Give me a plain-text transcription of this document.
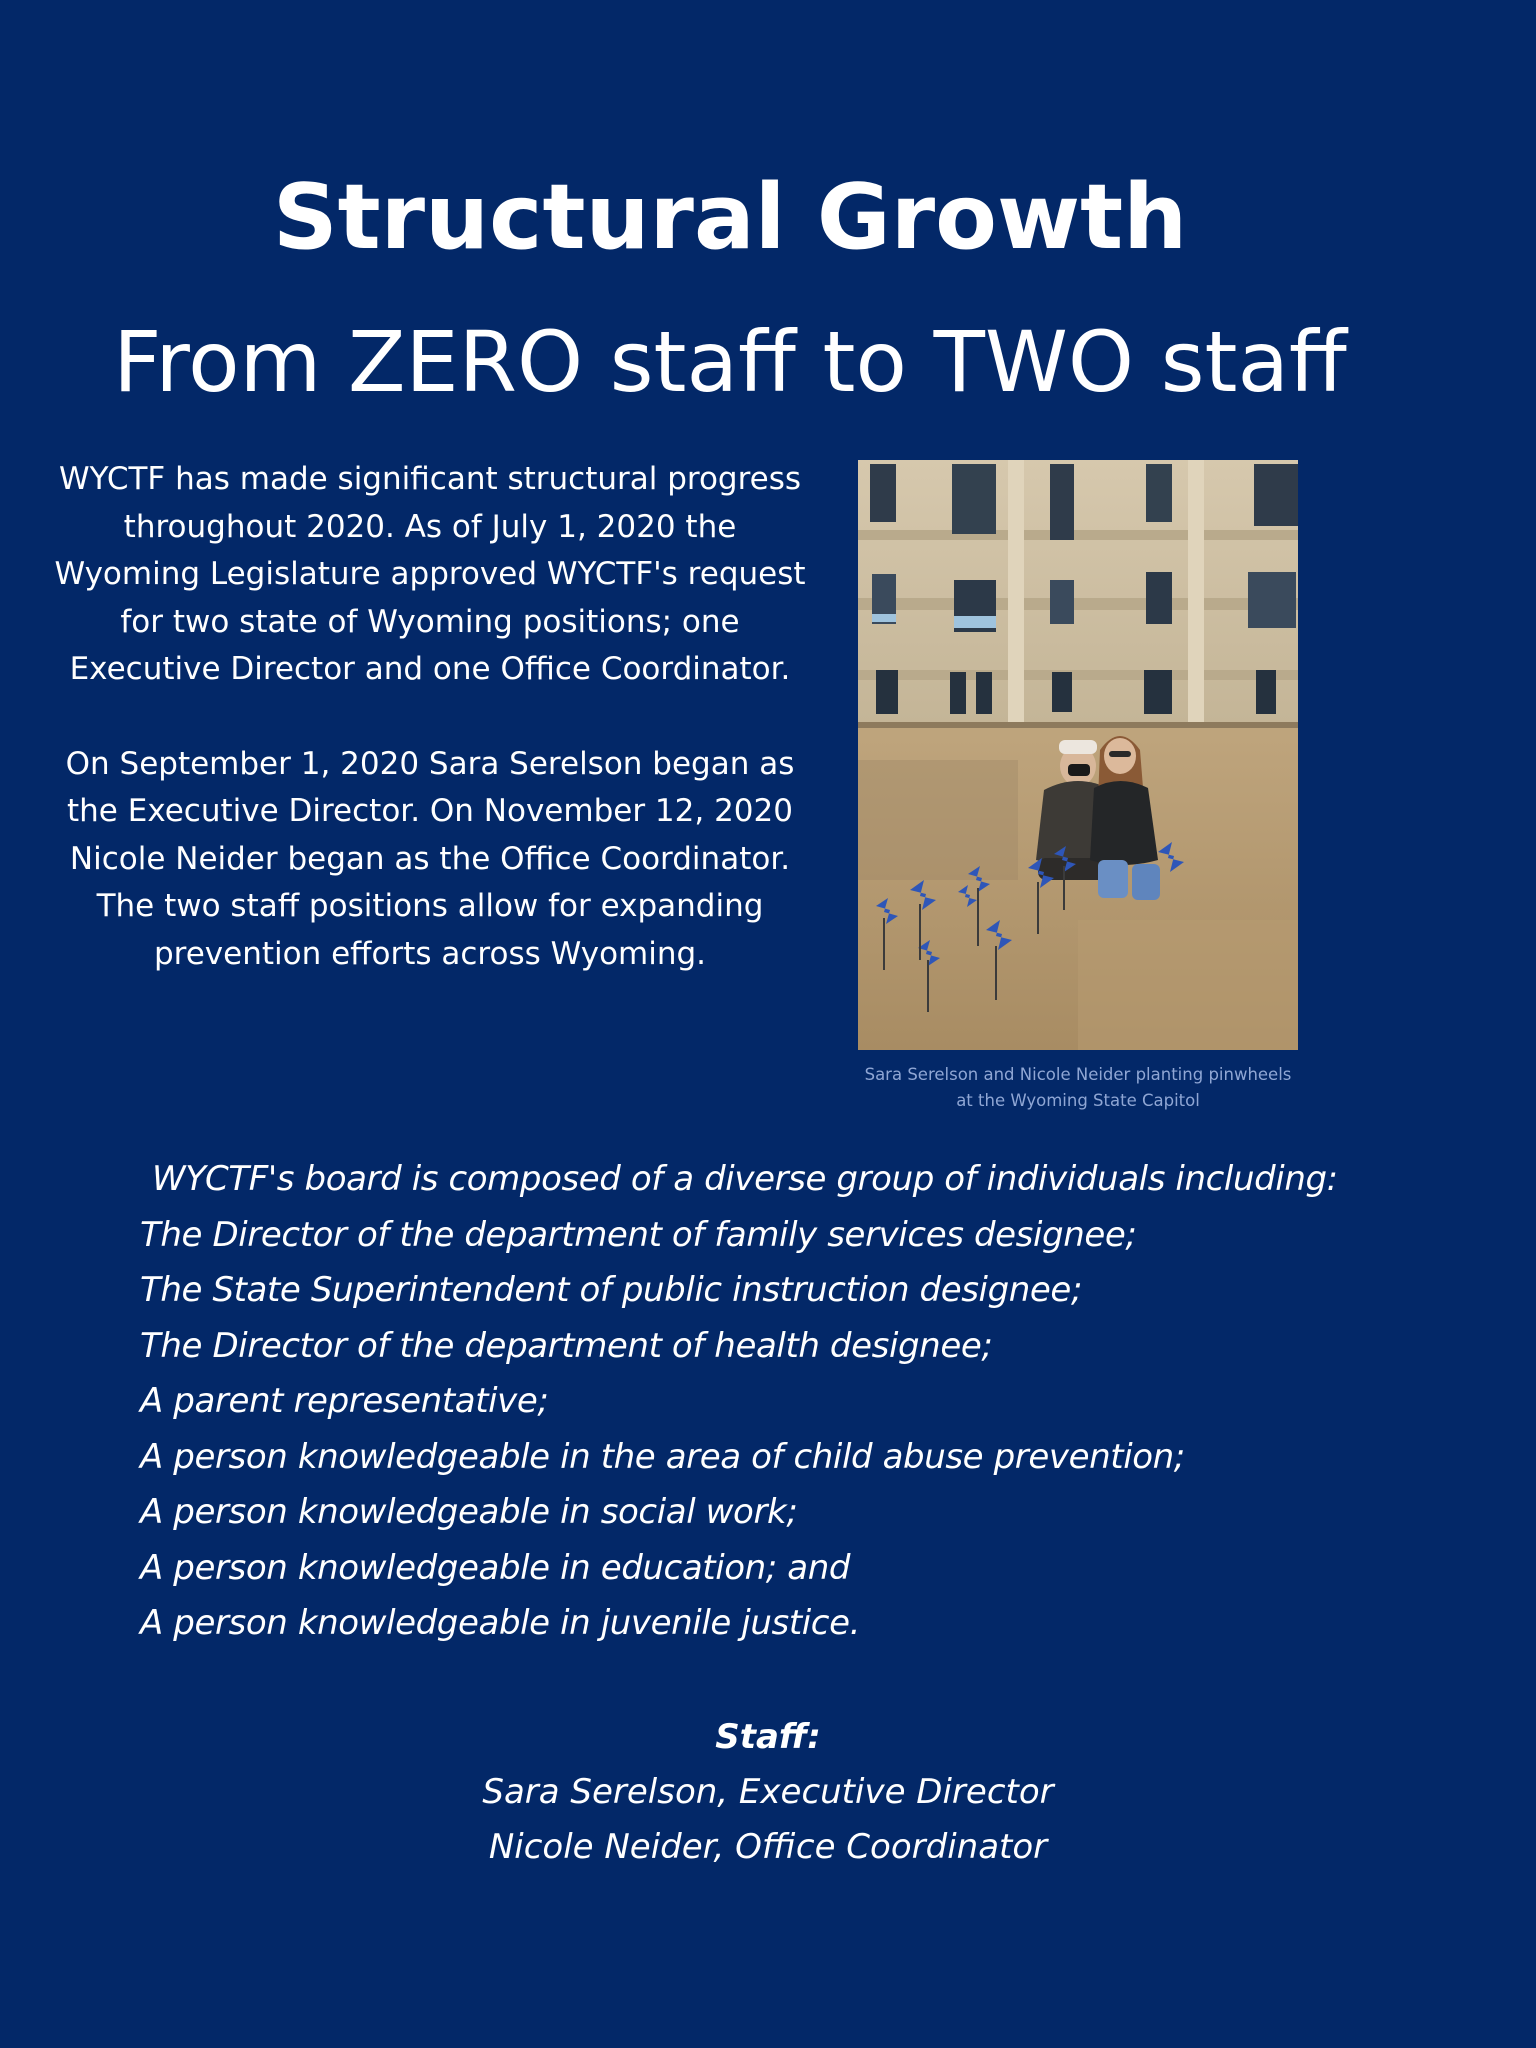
Structural Growth
From ZERO staff to TWO staff

WYCTF has made significant structural progress throughout 2020. As of July 1, 2020 the Wyoming Legislature approved WYCTF's request for two state of Wyoming positions; one Executive Director and one Office Coordinator.

On September 1, 2020 Sara Serelson began as the Executive Director. On November 12, 2020 Nicole Neider began as the Office Coordinator. The two staff positions allow for expanding prevention efforts across Wyoming.

Sara Serelson and Nicole Neider planting pinwheels
at the Wyoming State Capitol
WYCTF's board is composed of a diverse group of individuals including:
The Director of the department of family services designee;
The State Superintendent of public instruction designee;
The Director of the department of health designee;
A parent representative;
A person knowledgeable in the area of child abuse prevention;
A person knowledgeable in social work;
A person knowledgeable in education; and
A person knowledgeable in juvenile justice.
Staff:
Sara Serelson, Executive Director
Nicole Neider, Office Coordinator
